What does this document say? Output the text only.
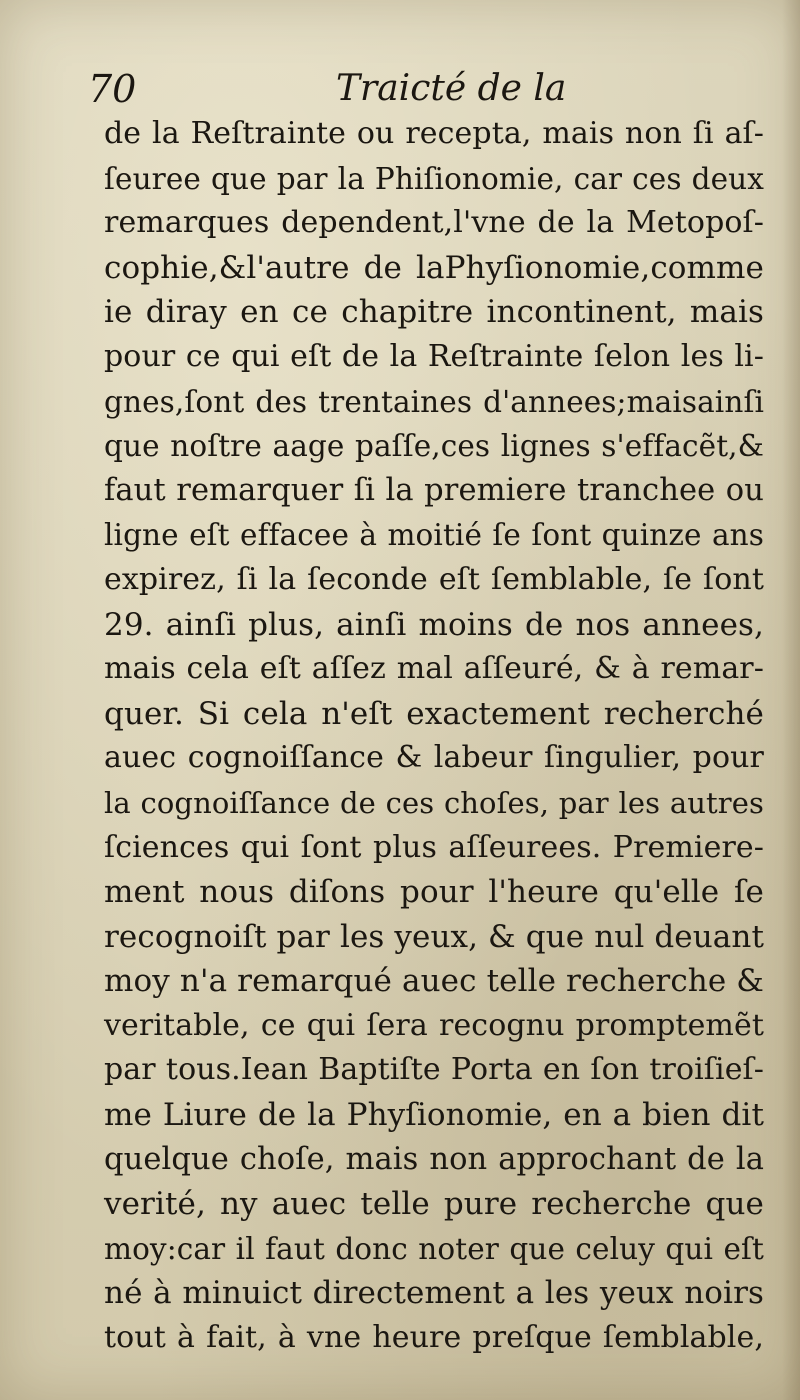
70	Traicté de la
de la Reſtrainte ou recepta, mais non ſi aſ-
ſeuree que par la Phiſionomie, car ces deux
remarques dependent,l'vne de la Metopoſ-
cophie,&l'autre de laPhyſionomie,comme
ie diray en ce chapitre incontinent, mais
pour ce qui eſt de la Reſtrainte ſelon les li-
gnes,ſont des trentaines d'annees;maisainſi
que noſtre aage paſſe,ces lignes s'effacẽt,&
faut remarquer ſi la premiere tranchee ou
ligne eſt effacee à moitié ſe ſont quinze ans
expirez, ſi la ſeconde eſt ſemblable, ſe ſont
29. ainſi plus, ainſi moins de nos annees,
mais cela eſt aſſez mal aſſeuré, & à remar-
quer. Si cela n'eſt exactement recherché
auec cognoiſſance & labeur ſingulier, pour
la cognoiſſance de ces choſes, par les autres
ſciences qui ſont plus aſſeurees. Premiere-
ment nous diſons pour l'heure qu'elle ſe
recognoiſt par les yeux, & que nul deuant
moy n'a remarqué auec telle recherche &
veritable, ce qui ſera recognu promptemẽt
par tous.Iean Baptiſte Porta en ſon troiſieſ-
me Liure de la Phyſionomie, en a bien dit
quelque choſe, mais non approchant de la
verité, ny auec telle pure recherche que
moy:car il faut donc noter que celuy qui eſt
né à minuict directement a les yeux noirs
tout à fait, à vne heure preſque ſemblable,
